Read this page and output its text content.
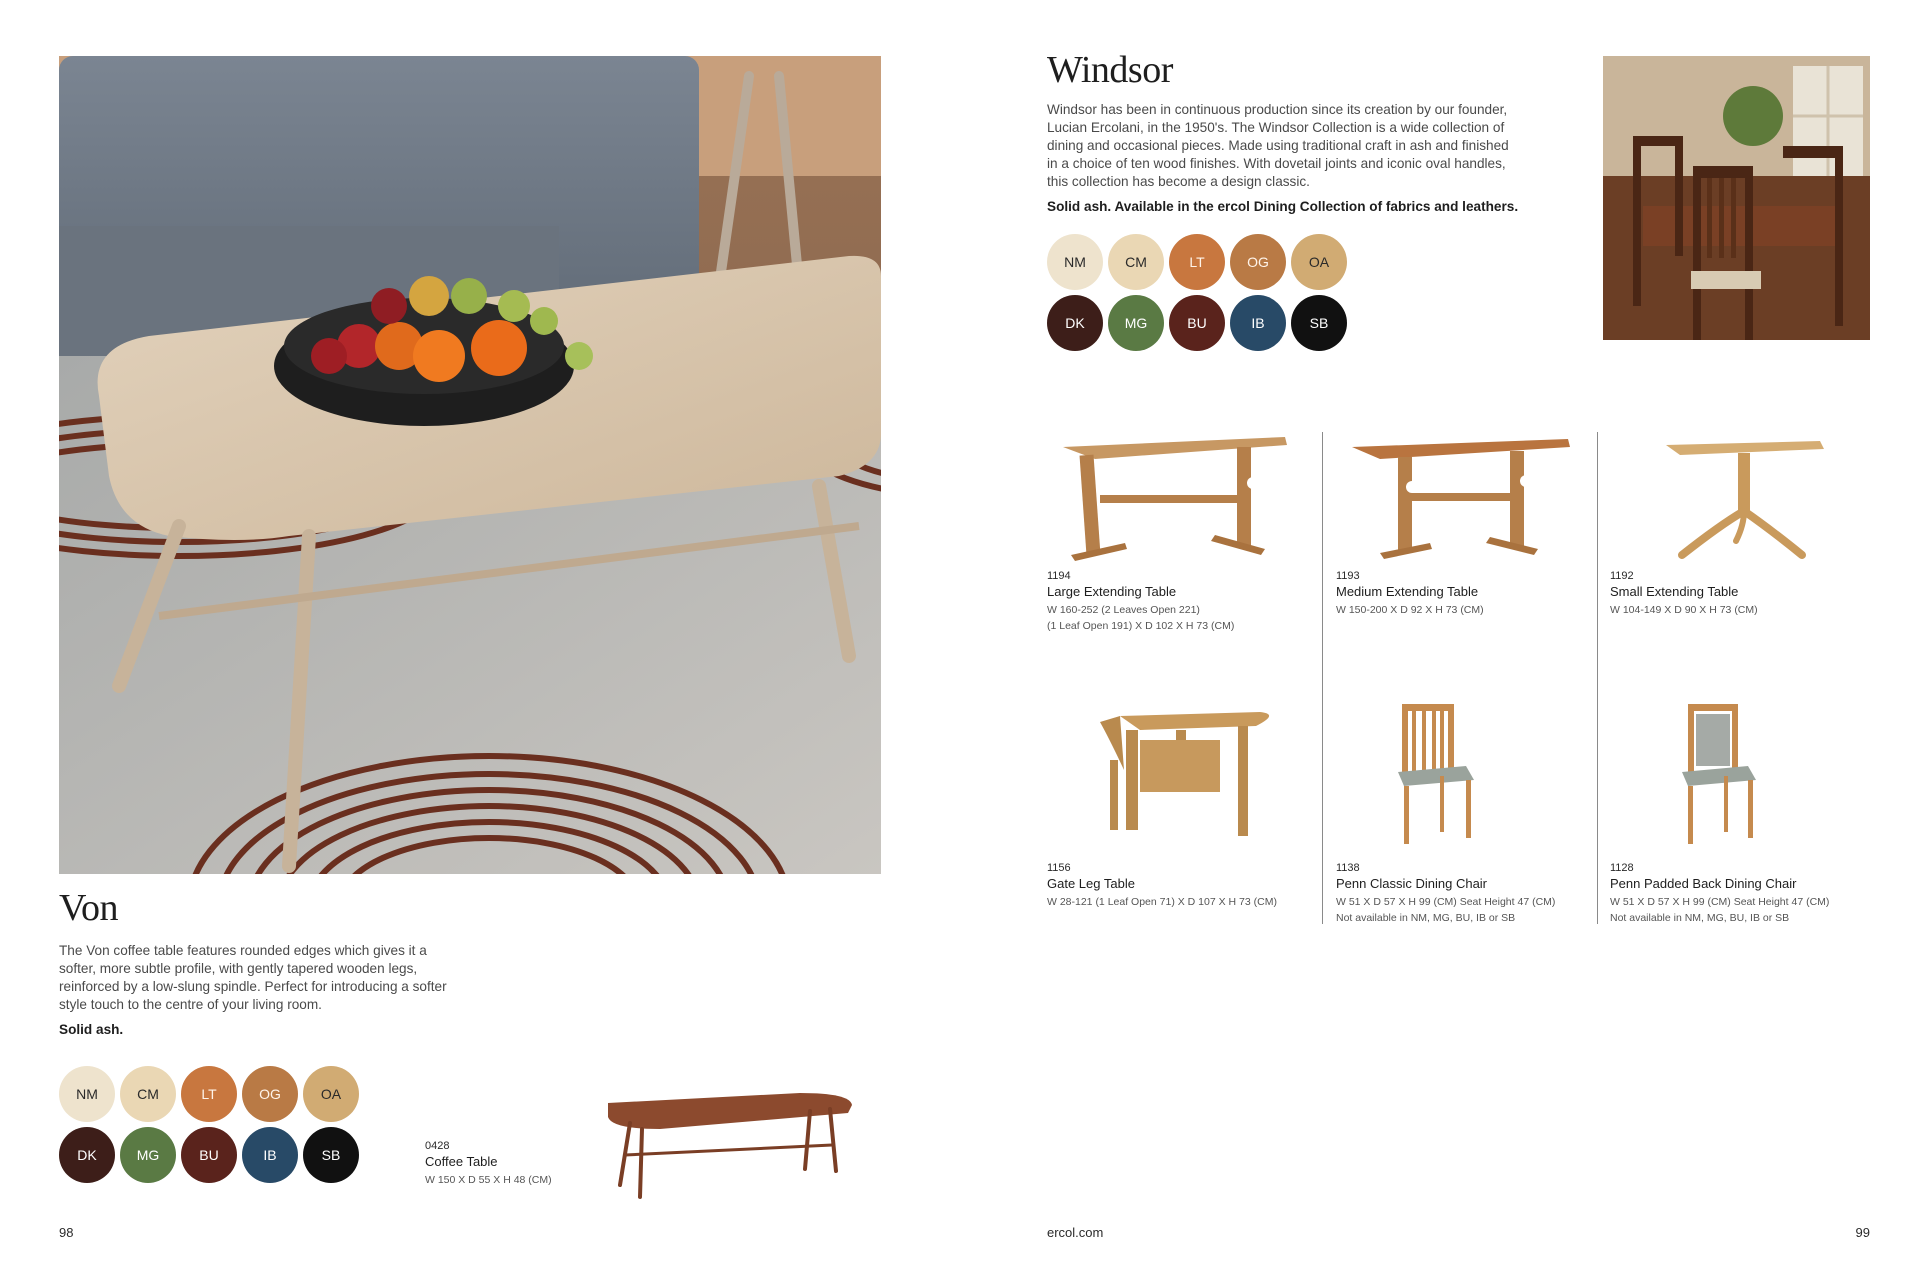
Von
The Von coffee table features rounded edges which gives it a softer, more subtle profile, with gently tapered wooden legs, reinforced by a low-slung spindle. Perfect for introducing a softer style touch to the centre of your living room.
Solid ash.
NM	CM	LT	OG	OA
DK	MG	BU	IB	SB
0428
Coffee Table
W 150 X D 55 X H 48 (CM)
Windsor
Windsor has been in continuous production since its creation by our founder, Lucian Ercolani, in the 1950's. The Windsor Collection is a wide collection of dining and occasional pieces. Made using traditional craft in ash and finished in a choice of ten wood finishes. With dovetail joints and iconic oval handles, this collection has become a design classic.
Solid ash. Available in the ercol Dining Collection of fabrics and leathers.
NM	CM	LT	OG	OA
DK	MG	BU	IB	SB
1194
Large Extending Table
W 160-252 (2 Leaves Open 221)
(1 Leaf Open 191) X D 102 X H 73 (CM)
1193
Medium Extending Table
W 150-200 X D 92 X H 73 (CM)
1192
Small Extending Table
W 104-149 X D 90 X H 73 (CM)
1156
Gate Leg Table
W 28-121 (1 Leaf Open 71) X D 107 X H 73 (CM)
1138
Penn Classic Dining Chair
W 51 X D 57 X H 99 (CM) Seat Height 47 (CM)
Not available in NM, MG, BU, IB or SB
1128
Penn Padded Back Dining Chair
W 51 X D 57 X H 99 (CM) Seat Height 47 (CM)
Not available in NM, MG, BU, IB or SB
98	ercol.com	99
